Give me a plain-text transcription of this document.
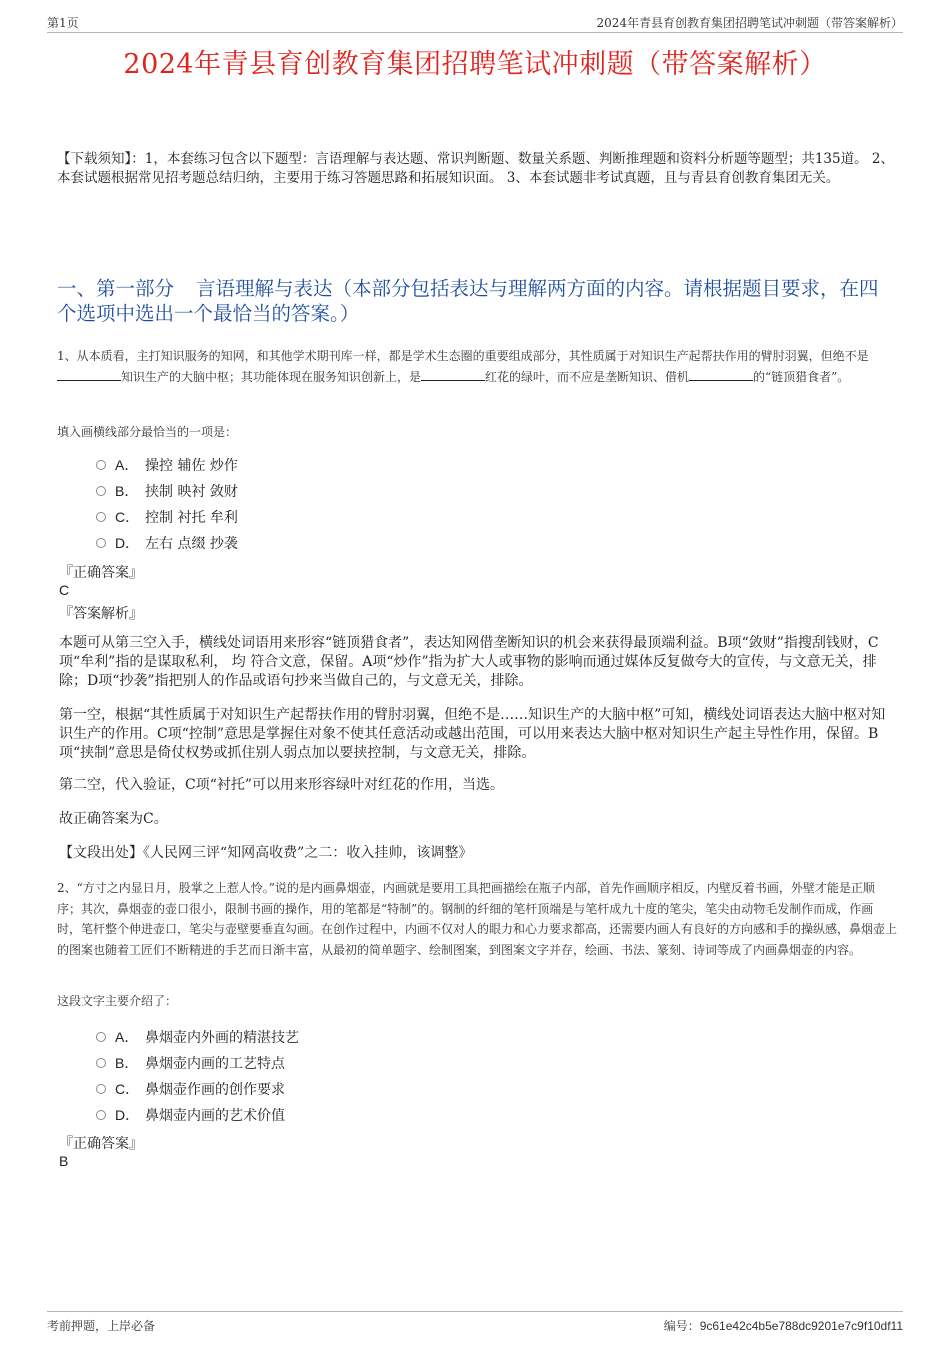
第1页	2024年青县育创教育集团招聘笔试冲刺题（带答案解析）
2024年青县育创教育集团招聘笔试冲刺题（带答案解析）
【下载须知】：1，本套练习包含以下题型：言语理解与表达题、常识判断题、数量关系题、判断推理题和资料分析题等题型；共135道。 2、本套试题根据常见招考题总结归纳，主要用于练习答题思路和拓展知识面。 3、本套试题非考试真题，且与青县育创教育集团无关。
一、第一部分 言语理解与表达（本部分包括表达与理解两方面的内容。请根据题目要求，在四个选项中选出一个最恰当的答案。）
1、从本质看，主打知识服务的知网，和其他学术期刊库一样，都是学术生态圈的重要组成部分，其性质属于对知识生产起帮扶作用的臂肘羽翼，但绝不是知识生产的大脑中枢；其功能体现在服务知识创新上，是	红花的绿叶，而不应是垄断知识、借机	的“链顶猎食者”。
填入画横线部分最恰当的一项是：
A． 操控 辅佐 炒作
B． 挟制 映衬 敛财
C． 控制 衬托 牟利
D． 左右 点缀 抄袭
『正确答案』
C
『答案解析』
本题可从第三空入手，横线处词语用来形容“链顶猎食者”，表达知网借垄断知识的机会来获得最顶端利益。B项“敛财”指搜刮钱财，C项“牟利”指的是谋取私利， 均 符合文意，保留。A项“炒作”指为扩大人或事物的影响而通过媒体反复做夸大的宣传，与文意无关，排除；D项“抄袭”指把别人的作品或语句抄来当做自己的，与文意无关，排除。
第一空，根据“其性质属于对知识生产起帮扶作用的臂肘羽翼，但绝不是……知识生产的大脑中枢”可知，横线处词语表达大脑中枢对知识生产的作用。C项“控制”意思是掌握住对象不使其任意活动或越出范围，可以用来表达大脑中枢对知识生产起主导性作用，保留。B项“挟制”意思是倚仗权势或抓住别人弱点加以要挟控制，与文意无关，排除。
第二空，代入验证，C项“衬托”可以用来形容绿叶对红花的作用，当选。
故正确答案为C。
【文段出处】《人民网三评“知网高收费”之二：收入挂帅，该调整》
2、“方寸之内显日月，股掌之上惹人怜。”说的是内画鼻烟壶，内画就是要用工具把画描绘在瓶子内部，首先作画顺序相反，内壁反着书画，外壁才能是正顺序；其次，鼻烟壶的壶口很小，限制书画的操作，用的笔都是“特制”的。钢制的纤细的笔杆顶端是与笔杆成九十度的笔尖，笔尖由动物毛发制作而成，作画时，笔杆整个伸进壶口，笔尖与壶壁要垂直勾画。在创作过程中，内画不仅对人的眼力和心力要求都高，还需要内画人有良好的方向感和手的操纵感，鼻烟壶上的图案也随着工匠们不断精进的手艺而日渐丰富，从最初的简单题字、绘制图案，到图案文字并存，绘画、书法、篆刻、诗词等成了内画鼻烟壶的内容。
这段文字主要介绍了：
A． 鼻烟壶内外画的精湛技艺
B． 鼻烟壶内画的工艺特点
C． 鼻烟壶作画的创作要求
D． 鼻烟壶内画的艺术价值
『正确答案』
B
考前押题，上岸必备	编号：9c61e42c4b5e788dc9201e7c9f10df11
